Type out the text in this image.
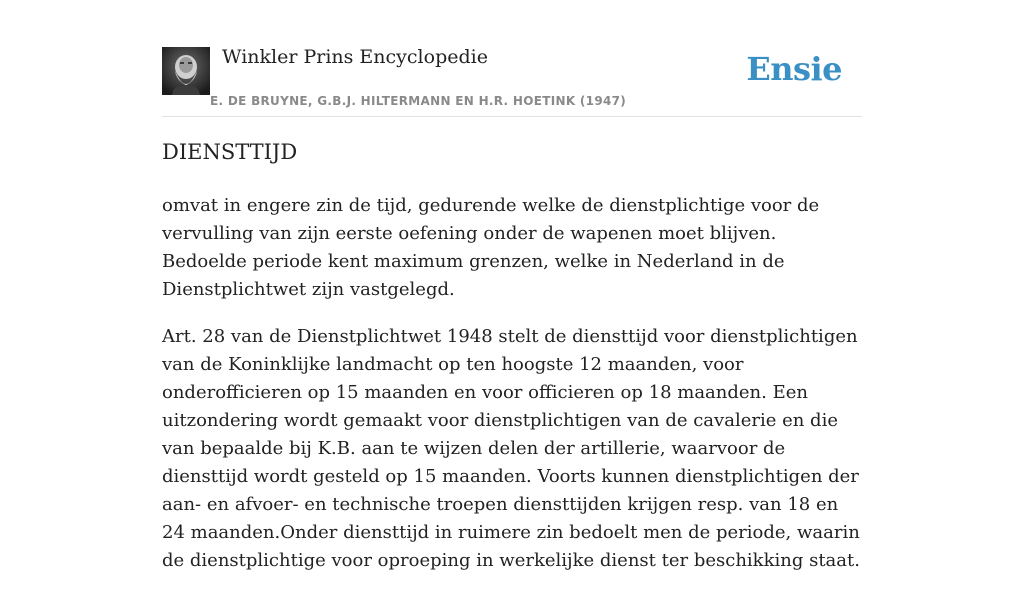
Winkler Prins Encyclopedie
E. DE BRUYNE, G.B.J. HILTERMANN EN H.R. HOETINK (1947)
Ensie
DIENSTTIJD

omvat in engere zin de tijd, gedurende welke de dienstplichtige voor de vervulling van zijn eerste oefening onder de wapenen moet blijven. Bedoelde periode kent maximum grenzen, welke in Nederland in de Dienstplichtwet zijn vastgelegd.

Art. 28 van de Dienstplichtwet 1948 stelt de diensttijd voor dienstplichtigen van de Koninklijke landmacht op ten hoogste 12 maanden, voor onderofficieren op 15 maanden en voor officieren op 18 maanden. Een uitzondering wordt gemaakt voor dienstplichtigen van de cavalerie en die van bepaalde bij K.B. aan te wijzen delen der artillerie, waarvoor de diensttijd wordt gesteld op 15 maanden. Voorts kunnen dienstplichtigen der aan- en afvoer- en technische troepen diensttijden krijgen resp. van 18 en 24 maanden.Onder diensttijd in ruimere zin bedoelt men de periode, waarin de dienstplichtige voor oproeping in werkelijke dienst ter beschikking staat.
